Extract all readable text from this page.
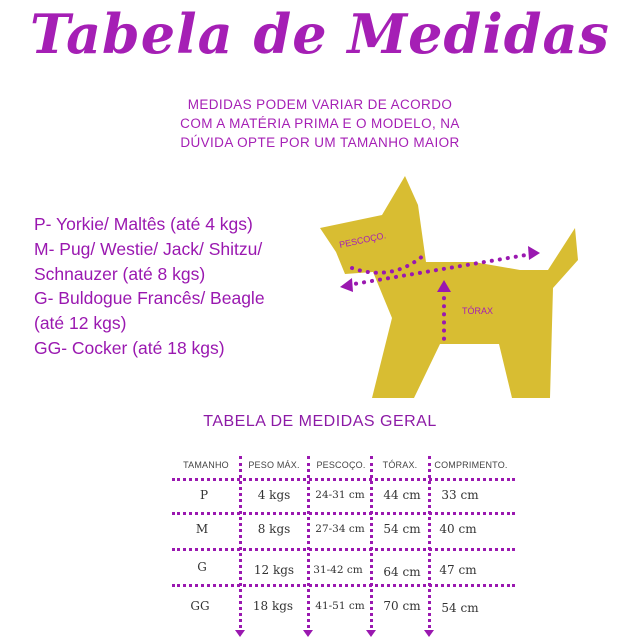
Tabela de Medidas
MEDIDAS PODEM VARIAR DE ACORDO COM A MATÉRIA PRIMA E O MODELO, NA DÚVIDA OPTE POR UM TAMANHO MAIOR
P- Yorkie/ Maltês (até 4 kgs)
M- Pug/ Westie/ Jack/ Shitzu/
Schnauzer (até 8 kgs)
G- Buldogue Francês/ Beagle
(até 12 kgs)
GG- Cocker (até 18 kgs)
PESCOÇO.	COMPRIMENTO
TÓRAX
TABELA DE MEDIDAS GERAL
TAMANHO PESO MÁX. PESCOÇO. TÓRAX. COMPRIMENTO.
P	4 kgs 24-31 cm 44 cm 33 cm
M	8 kgs 27-34 cm 54 cm 40 cm
G	12 kgs 31-42 cm 64 cm 47 cm
GG	18 kgs 41-51 cm 70 cm 54 cm
